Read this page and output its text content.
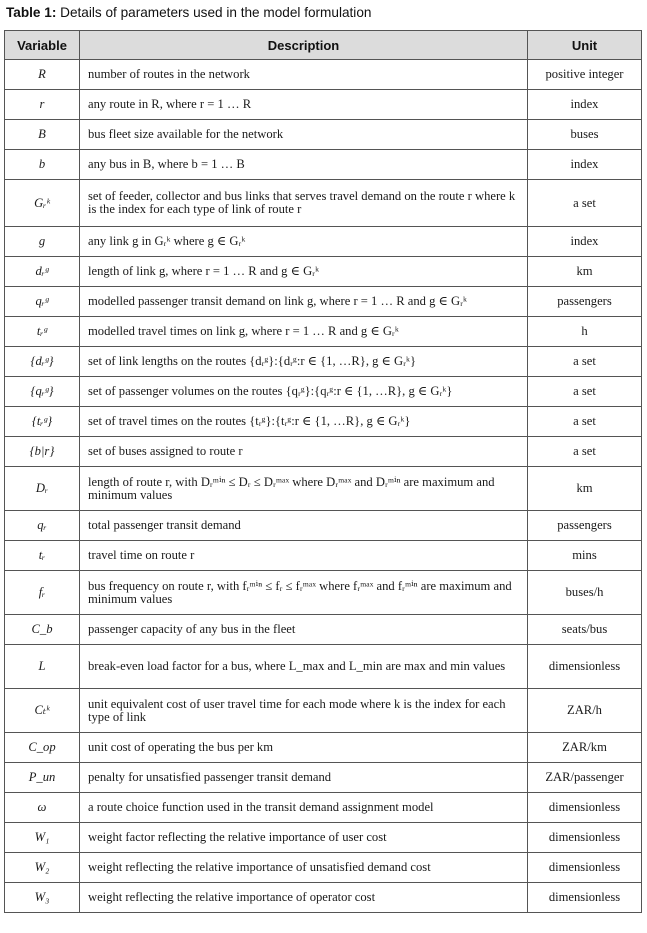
Table 1: Details of parameters used in the model formulation
Variable	Description	Unit
R	number of routes in the network	positive integer
r	any route in R, where r = 1 … R	index
B	bus fleet size available for the network	buses
b	any bus in B, where b = 1 … B	index
Gᵣᵏ	set of feeder, collector and bus links that serves travel demand on the route r where k is the index for each type of link of route r	a set
g	any link g in Gᵣᵏ where g ∈ Gᵣᵏ	index
dᵣᵍ	length of link g, where r = 1 … R and g ∈ Gᵣᵏ	km
qᵣᵍ	modelled passenger transit demand on link g, where r = 1 … R and g ∈ Gᵣᵏ	passengers
tᵣᵍ	modelled travel times on link g, where r = 1 … R and g ∈ Gᵣᵏ	h
{dᵣᵍ}	set of link lengths on the routes {dᵣᵍ}:{dᵣᵍ:r ∈ {1, …R}, g ∈ Gᵣᵏ}	a set
{qᵣᵍ}	set of passenger volumes on the routes {qᵣᵍ}:{qᵣᵍ:r ∈ {1, …R}, g ∈ Gᵣᵏ}	a set
{tᵣᵍ}	set of travel times on the routes {tᵣᵍ}:{tᵣᵍ:r ∈ {1, …R}, g ∈ Gᵣᵏ}	a set
{b|r}	set of buses assigned to route r	a set
Dᵣ	length of route r, with Dᵣᵐⁱⁿ ≤ Dᵣ ≤ Dᵣᵐᵃˣ where Dᵣᵐᵃˣ and Dᵣᵐⁱⁿ are maximum and minimum values	km
qᵣ	total passenger transit demand	passengers
tᵣ	travel time on route r	mins
fᵣ	bus frequency on route r, with fᵣᵐⁱⁿ ≤ fᵣ ≤ fᵣᵐᵃˣ where fᵣᵐᵃˣ and fᵣᵐⁱⁿ are maximum and minimum values	buses/h
C_b	passenger capacity of any bus in the fleet	seats/bus
L	break-even load factor for a bus, where L_max and L_min are max and min values	dimensionless
Cₜᵏ	unit equivalent cost of user travel time for each mode where k is the index for each type of link	ZAR/h
C_op	unit cost of operating the bus per km	ZAR/km
P_un	penalty for unsatisfied passenger transit demand	ZAR/passenger
ω	a route choice function used in the transit demand assignment model	dimensionless
W₁	weight factor reflecting the relative importance of user cost	dimensionless
W₂	weight reflecting the relative importance of unsatisfied demand cost	dimensionless
W₃	weight reflecting the relative importance of operator cost	dimensionless
